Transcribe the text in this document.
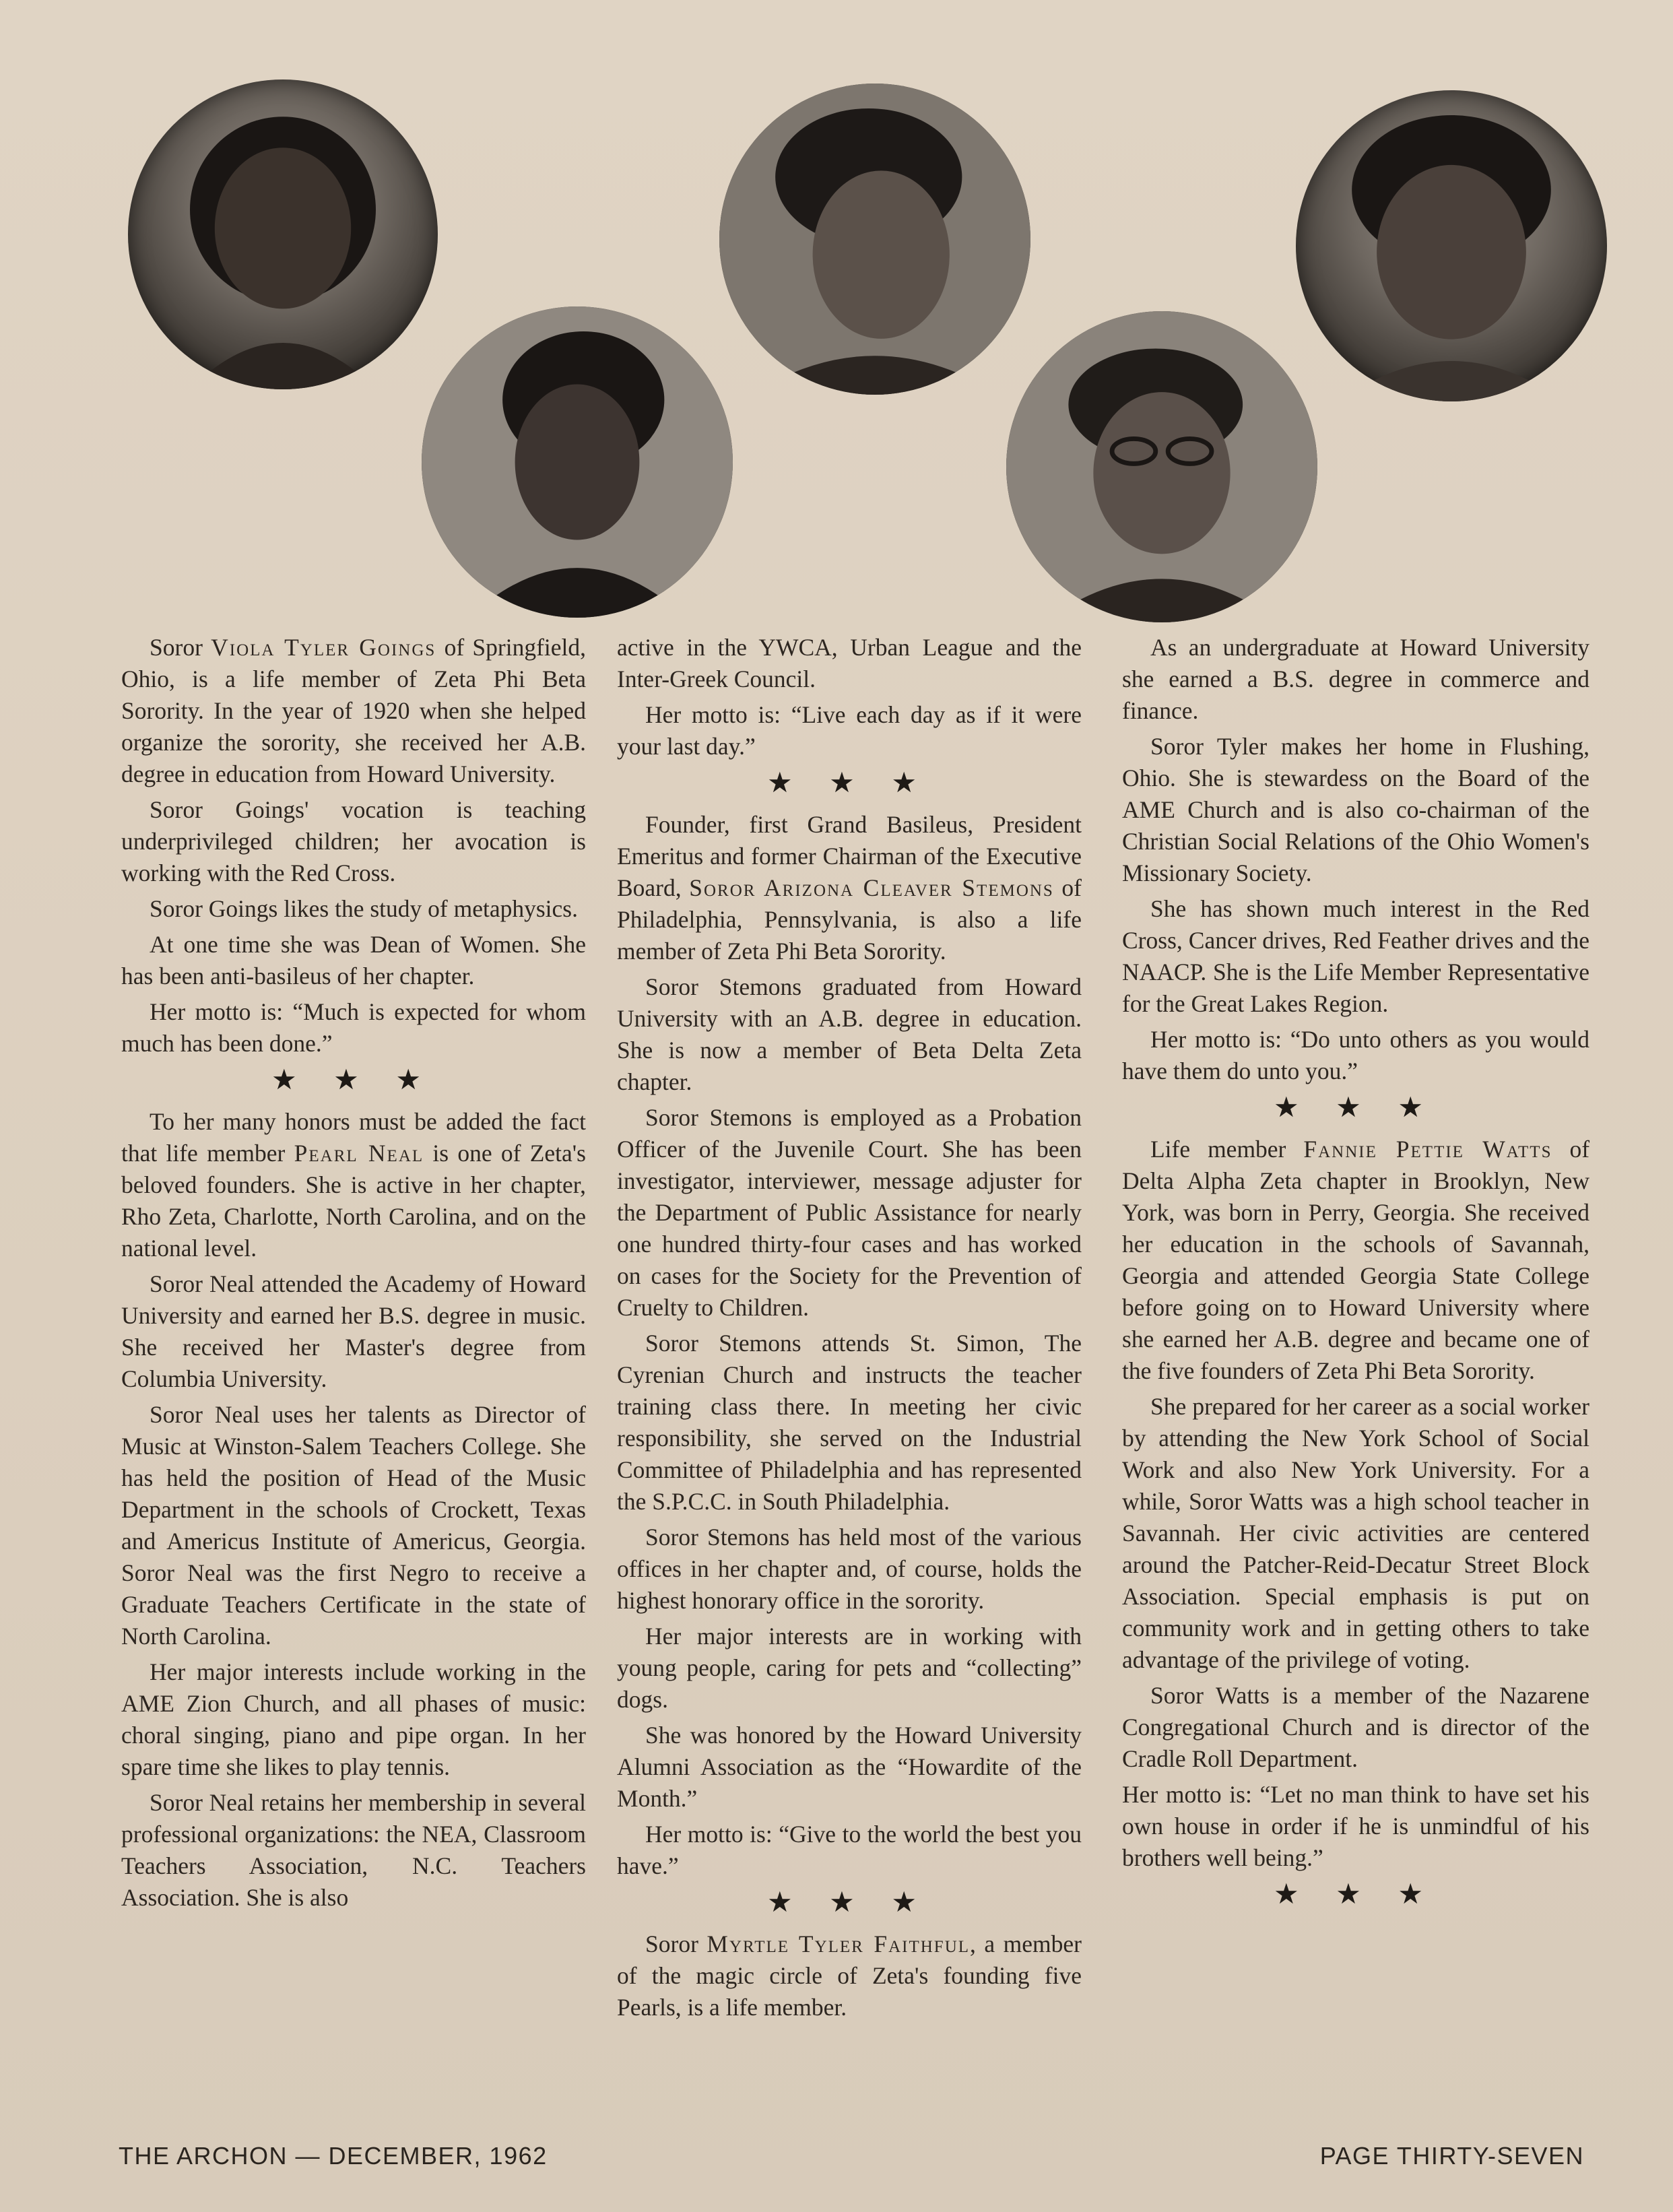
Soror Viola Tyler Goings of Springfield, Ohio, is a life member of Zeta Phi Beta Sorority. In the year of 1920 when she helped organize the sorority, she received her A.B. degree in education from Howard University.

Soror Goings' vocation is teaching underprivileged children; her avocation is working with the Red Cross.

Soror Goings likes the study of metaphysics.

At one time she was Dean of Women. She has been anti-basileus of her chapter.

Her motto is: “Much is expected for whom much has been done.”

★ ★ ★

To her many honors must be added the fact that life member Pearl Neal is one of Zeta's beloved founders. She is active in her chapter, Rho Zeta, Charlotte, North Carolina, and on the national level.

Soror Neal attended the Academy of Howard University and earned her B.S. degree in music. She received her Master's degree from Columbia University.

Soror Neal uses her talents as Director of Music at Winston-Salem Teachers College. She has held the position of Head of the Music Department in the schools of Crockett, Texas and Americus Institute of Americus, Georgia. Soror Neal was the first Negro to receive a Graduate Teachers Certificate in the state of North Carolina.

Her major interests include working in the AME Zion Church, and all phases of music: choral singing, piano and pipe organ. In her spare time she likes to play tennis.

Soror Neal retains her membership in several professional organizations: the NEA, Classroom Teachers Association, N.C. Teachers Association. She is also

active in the YWCA, Urban League and the Inter-Greek Council.

Her motto is: “Live each day as if it were your last day.”

★ ★ ★

Founder, first Grand Basileus, President Emeritus and former Chairman of the Executive Board, Soror Arizona Cleaver Stemons of Philadelphia, Pennsylvania, is also a life member of Zeta Phi Beta Sorority.

Soror Stemons graduated from Howard University with an A.B. degree in education. She is now a member of Beta Delta Zeta chapter.

Soror Stemons is employed as a Probation Officer of the Juvenile Court. She has been investigator, interviewer, message adjuster for the Department of Public Assistance for nearly one hundred thirty-four cases and has worked on cases for the Society for the Prevention of Cruelty to Children.

Soror Stemons attends St. Simon, The Cyrenian Church and instructs the teacher training class there. In meeting her civic responsibility, she served on the Industrial Committee of Philadelphia and has represented the S.P.C.C. in South Philadelphia.

Soror Stemons has held most of the various offices in her chapter and, of course, holds the highest honorary office in the sorority.

Her major interests are in working with young people, caring for pets and “collecting” dogs.

She was honored by the Howard University Alumni Association as the “Howardite of the Month.”

Her motto is: “Give to the world the best you have.”

★ ★ ★

Soror Myrtle Tyler Faithful, a member of the magic circle of Zeta's founding five Pearls, is a life member.

As an undergraduate at Howard University she earned a B.S. degree in commerce and finance.

Soror Tyler makes her home in Flushing, Ohio. She is stewardess on the Board of the AME Church and is also co-chairman of the Christian Social Relations of the Ohio Women's Missionary Society.

She has shown much interest in the Red Cross, Cancer drives, Red Feather drives and the NAACP. She is the Life Member Representative for the Great Lakes Region.

Her motto is: “Do unto others as you would have them do unto you.”

★ ★ ★

Life member Fannie Pettie Watts of Delta Alpha Zeta chapter in Brooklyn, New York, was born in Perry, Georgia. She received her education in the schools of Savannah, Georgia and attended Georgia State College before going on to Howard University where she earned her A.B. degree and became one of the five founders of Zeta Phi Beta Sorority.

She prepared for her career as a social worker by attending the New York School of Social Work and also New York University. For a while, Soror Watts was a high school teacher in Savannah. Her civic activities are centered around the Patcher-Reid-Decatur Street Block Association. Special emphasis is put on community work and in getting others to take advantage of the privilege of voting.

Soror Watts is a member of the Nazarene Congregational Church and is director of the Cradle Roll Department.

Her motto is: “Let no man think to have set his own house in order if he is unmindful of his brothers well being.”

★ ★ ★
THE ARCHON — DECEMBER, 1962	PAGE THIRTY-SEVEN
